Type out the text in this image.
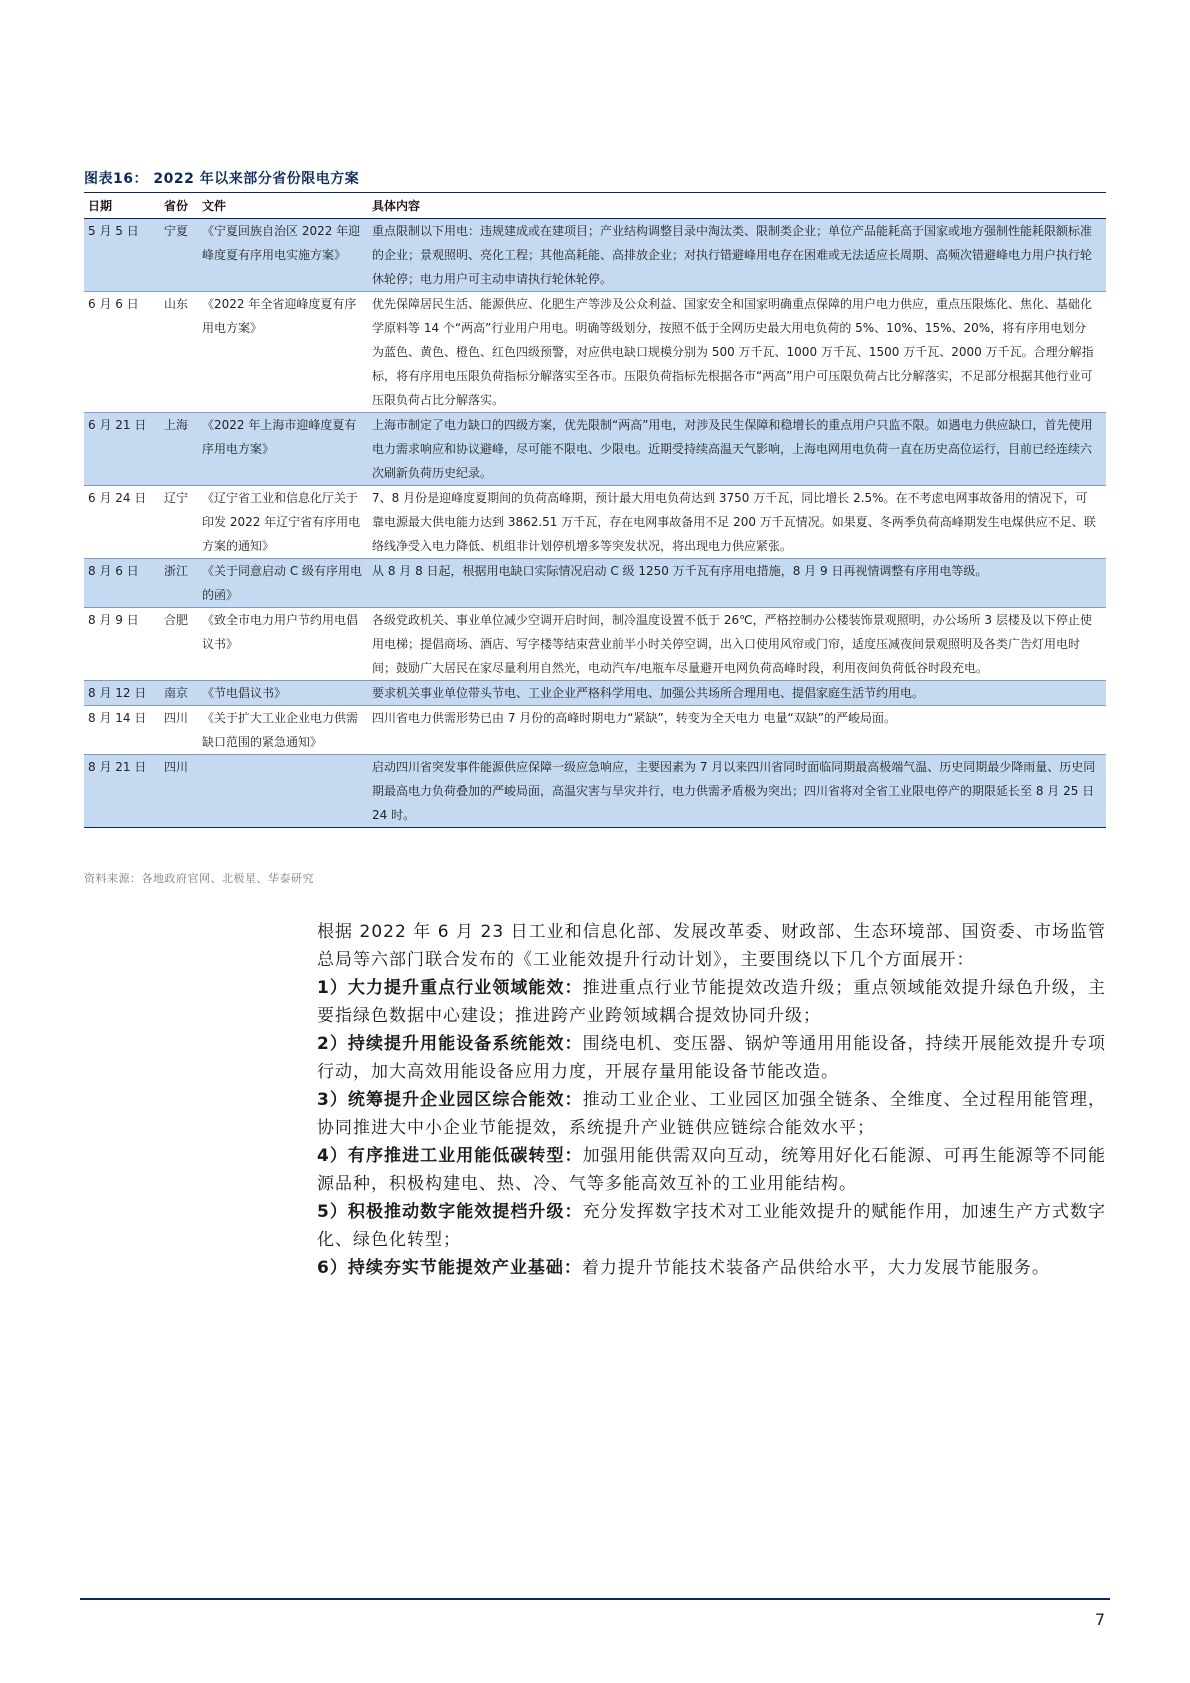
图表16： 2022 年以来部分省份限电方案
日期	省份	文件	具体内容
5 月 5 日	宁夏	《宁夏回族自治区 2022 年迎峰度夏有序用电实施方案》	重点限制以下用电：违规建成或在建项目；产业结构调整目录中淘汰类、限制类企业；单位产品能耗高于国家或地方强制性能耗限额标准的企业；景观照明、亮化工程；其他高耗能、高排放企业；对执行错避峰用电存在困难或无法适应长周期、高频次错避峰电力用户执行轮休轮停；电力用户可主动申请执行轮休轮停。
6 月 6 日	山东	《2022 年全省迎峰度夏有序用电方案》	优先保障居民生活、能源供应、化肥生产等涉及公众利益、国家安全和国家明确重点保障的用户电力供应，重点压限炼化、焦化、基础化学原料等 14 个“两高”行业用户用电。明确等级划分，按照不低于全网历史最大用电负荷的 5%、10%、15%、20%，将有序用电划分为蓝色、黄色、橙色、红色四级预警，对应供电缺口规模分别为 500 万千瓦、1000 万千瓦、1500 万千瓦、2000 万千瓦。合理分解指标，将有序用电压限负荷指标分解落实至各市。压限负荷指标先根据各市“两高”用户可压限负荷占比分解落实，不足部分根据其他行业可压限负荷占比分解落实。
6 月 21 日	上海	《2022 年上海市迎峰度夏有序用电方案》	上海市制定了电力缺口的四级方案，优先限制“两高”用电，对涉及民生保障和稳增长的重点用户只监不限。如遇电力供应缺口，首先使用电力需求响应和协议避峰，尽可能不限电、少限电。近期受持续高温天气影响，上海电网用电负荷一直在历史高位运行，目前已经连续六次刷新负荷历史纪录。
6 月 24 日	辽宁	《辽宁省工业和信息化厅关于印发 2022 年辽宁省有序用电方案的通知》	7、8 月份是迎峰度夏期间的负荷高峰期，预计最大用电负荷达到 3750 万千瓦，同比增长 2.5%。在不考虑电网事故备用的情况下，可靠电源最大供电能力达到 3862.51 万千瓦，存在电网事故备用不足 200 万千瓦情况。如果夏、冬两季负荷高峰期发生电煤供应不足、联络线净受入电力降低、机组非计划停机增多等突发状况，将出现电力供应紧张。
8 月 6 日	浙江	《关于同意启动 C 级有序用电的函》	从 8 月 8 日起，根据用电缺口实际情况启动 C 级 1250 万千瓦有序用电措施，8 月 9 日再视情调整有序用电等级。
8 月 9 日	合肥	《致全市电力用户节约用电倡议书》	各级党政机关、事业单位减少空调开启时间，制冷温度设置不低于 26℃，严格控制办公楼装饰景观照明，办公场所 3 层楼及以下停止使用电梯；提倡商场、酒店、写字楼等结束营业前半小时关停空调，出入口使用风帘或门帘，适度压减夜间景观照明及各类广告灯用电时间；鼓励广大居民在家尽量利用自然光，电动汽车/电瓶车尽量避开电网负荷高峰时段，利用夜间负荷低谷时段充电。
8 月 12 日	南京	《节电倡议书》	要求机关事业单位带头节电、工业企业严格科学用电、加强公共场所合理用电、提倡家庭生活节约用电。
8 月 14 日	四川	《关于扩大工业企业电力供需缺口范围的紧急通知》	四川省电力供需形势已由 7 月份的高峰时期电力“紧缺”，转变为全天电力 电量“双缺”的严峻局面。
8 月 21 日	四川		启动四川省突发事件能源供应保障一级应急响应，主要因素为 7 月以来四川省同时面临同期最高极端气温、历史同期最少降雨量、历史同期最高电力负荷叠加的严峻局面，高温灾害与旱灾并行，电力供需矛盾极为突出；四川省将对全省工业限电停产的期限延长至 8 月 25 日 24 时。
资料来源：各地政府官网、北极星、华泰研究

根据 2022 年 6 月 23 日工业和信息化部、发展改革委、财政部、生态环境部、国资委、市场监管总局等六部门联合发布的《工业能效提升行动计划》，主要围绕以下几个方面展开：

1）大力提升重点行业领域能效：推进重点行业节能提效改造升级；重点领域能效提升绿色升级，主要指绿色数据中心建设；推进跨产业跨领域耦合提效协同升级；

2）持续提升用能设备系统能效：围绕电机、变压器、锅炉等通用用能设备，持续开展能效提升专项行动，加大高效用能设备应用力度，开展存量用能设备节能改造。

3）统筹提升企业园区综合能效：推动工业企业、工业园区加强全链条、全维度、全过程用能管理，协同推进大中小企业节能提效，系统提升产业链供应链综合能效水平；

4）有序推进工业用能低碳转型：加强用能供需双向互动，统筹用好化石能源、可再生能源等不同能源品种，积极构建电、热、冷、气等多能高效互补的工业用能结构。

5）积极推动数字能效提档升级：充分发挥数字技术对工业能效提升的赋能作用，加速生产方式数字化、绿色化转型；

6）持续夯实节能提效产业基础：着力提升节能技术装备产品供给水平，大力发展节能服务。

7
